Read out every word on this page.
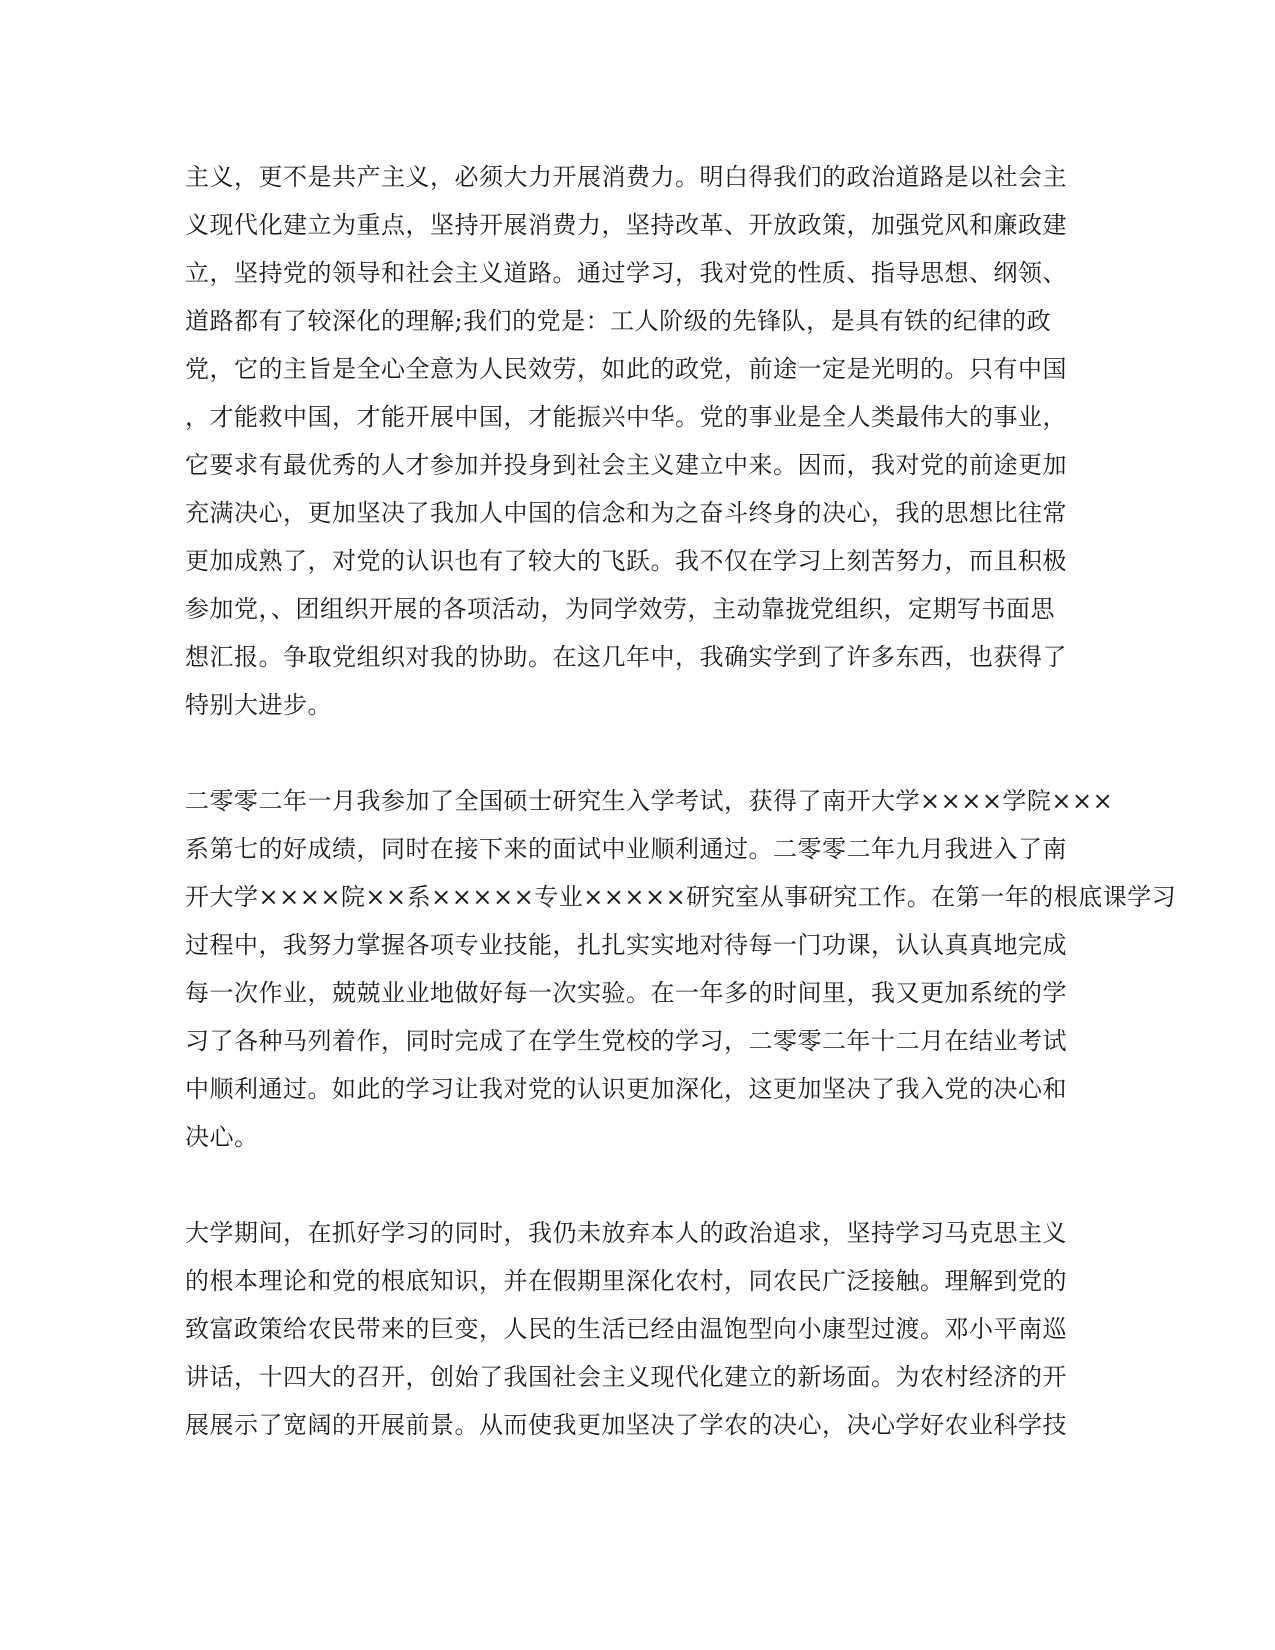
主义，更不是共产主义，必须大力开展消费力。明白得我们的政治道路是以社会主
义现代化建立为重点，坚持开展消费力，坚持改革、开放政策，加强党风和廉政建
立，坚持党的领导和社会主义道路。通过学习，我对党的性质、指导思想、纲领、
道路都有了较深化的理解;我们的党是：工人阶级的先锋队，是具有铁的纪律的政
党，它的主旨是全心全意为人民效劳，如此的政党，前途一定是光明的。只有中国
，才能救中国，才能开展中国，才能振兴中华。党的事业是全人类最伟大的事业，
它要求有最优秀的人才参加并投身到社会主义建立中来。因而，我对党的前途更加
充满决心，更加坚决了我加人中国的信念和为之奋斗终身的决心，我的思想比往常
更加成熟了，对党的认识也有了较大的飞跃。我不仅在学习上刻苦努力，而且积极
参加党，、团组织开展的各项活动，为同学效劳，主动靠拢党组织，定期写书面思
想汇报。争取党组织对我的协助。在这几年中，我确实学到了许多东西，也获得了
特别大进步。
二零零二年一月我参加了全国硕士研究生入学考试，获得了南开大学××××学院×××
系第七的好成绩，同时在接下来的面试中业顺利通过。二零零二年九月我进入了南
开大学××××院××系×××××专业×××××研究室从事研究工作。在第一年的根底课学习
过程中，我努力掌握各项专业技能，扎扎实实地对待每一门功课，认认真真地完成
每一次作业，兢兢业业地做好每一次实验。在一年多的时间里，我又更加系统的学
习了各种马列着作，同时完成了在学生党校的学习，二零零二年十二月在结业考试
中顺利通过。如此的学习让我对党的认识更加深化，这更加坚决了我入党的决心和
决心。
大学期间，在抓好学习的同时，我仍未放弃本人的政治追求，坚持学习马克思主义
的根本理论和党的根底知识，并在假期里深化农村，同农民广泛接触。理解到党的
致富政策给农民带来的巨变，人民的生活已经由温饱型向小康型过渡。邓小平南巡
讲话，十四大的召开，创始了我国社会主义现代化建立的新场面。为农村经济的开
展展示了宽阔的开展前景。从而使我更加坚决了学农的决心，决心学好农业科学技
